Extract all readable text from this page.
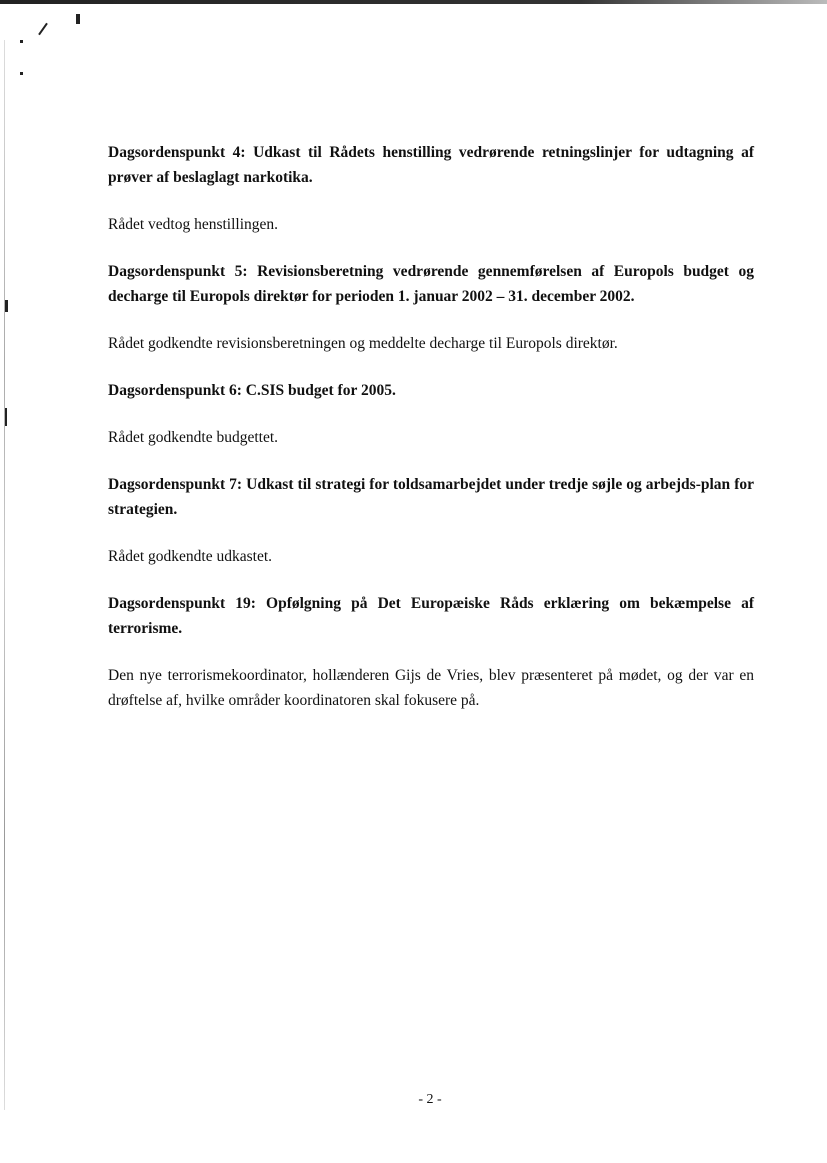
Dagsordenspunkt 4: Udkast til Rådets henstilling vedrørende retningslinjer for udtagning af prøver af beslaglagt narkotika.

Rådet vedtog henstillingen.

Dagsordenspunkt 5: Revisionsberetning vedrørende gennemførelsen af Europols budget og decharge til Europols direktør for perioden 1. januar 2002 – 31. december 2002.

Rådet godkendte revisionsberetningen og meddelte decharge til Europols direktør.

Dagsordenspunkt 6: C.SIS budget for 2005.

Rådet godkendte budgettet.

Dagsordenspunkt 7: Udkast til strategi for toldsamarbejdet under tredje søjle og arbejds-plan for strategien.

Rådet godkendte udkastet.

Dagsordenspunkt 19: Opfølgning på Det Europæiske Råds erklæring om bekæmpelse af terrorisme.

Den nye terrorismekoordinator, hollænderen Gijs de Vries, blev præsenteret på mødet, og der var en drøftelse af, hvilke områder koordinatoren skal fokusere på.

- 2 -
